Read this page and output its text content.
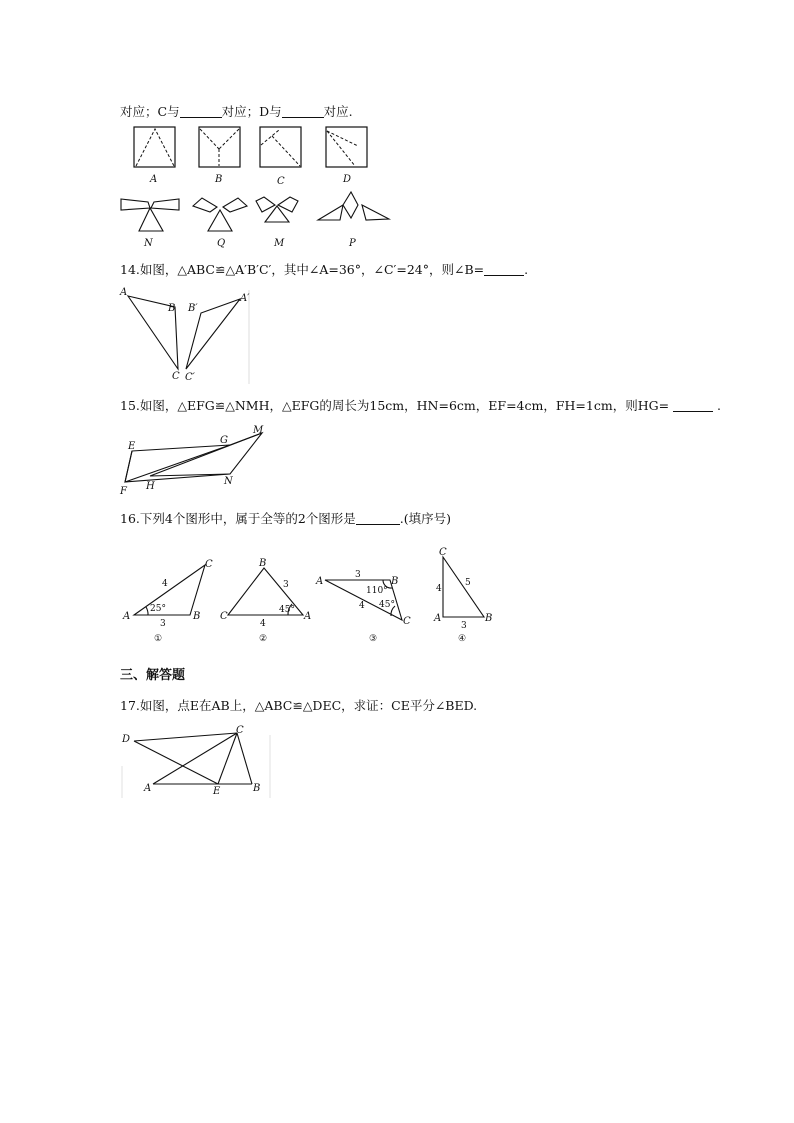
对应；C与	对应；D与	对应.
A	B	C	D
N	Q	M	P
14.如图，△ABC≌△A′B′C′，其中∠A=36°，∠C′=24°，则∠B=	.
A
B
C
A′
B′
C′
15.如图，△EFG≌△NMH，△EFG的周长为15cm，HN=6cm，EF=4cm，FH=1cm，则HG=	.
E
G
M
F H	N
16.下列4个图形中，属于全等的2个图形是	.(填序号)
C
A	B
4
3
25°
①
B
C	A
3
4
45°
②
A	B
C
3
4
110°
45°
③
C
A	B
4
5
3
④
三、解答题
17.如图，点E在AB上，△ABC≌△DEC，求证：CE平分∠BED.
D
C
A	E	B
